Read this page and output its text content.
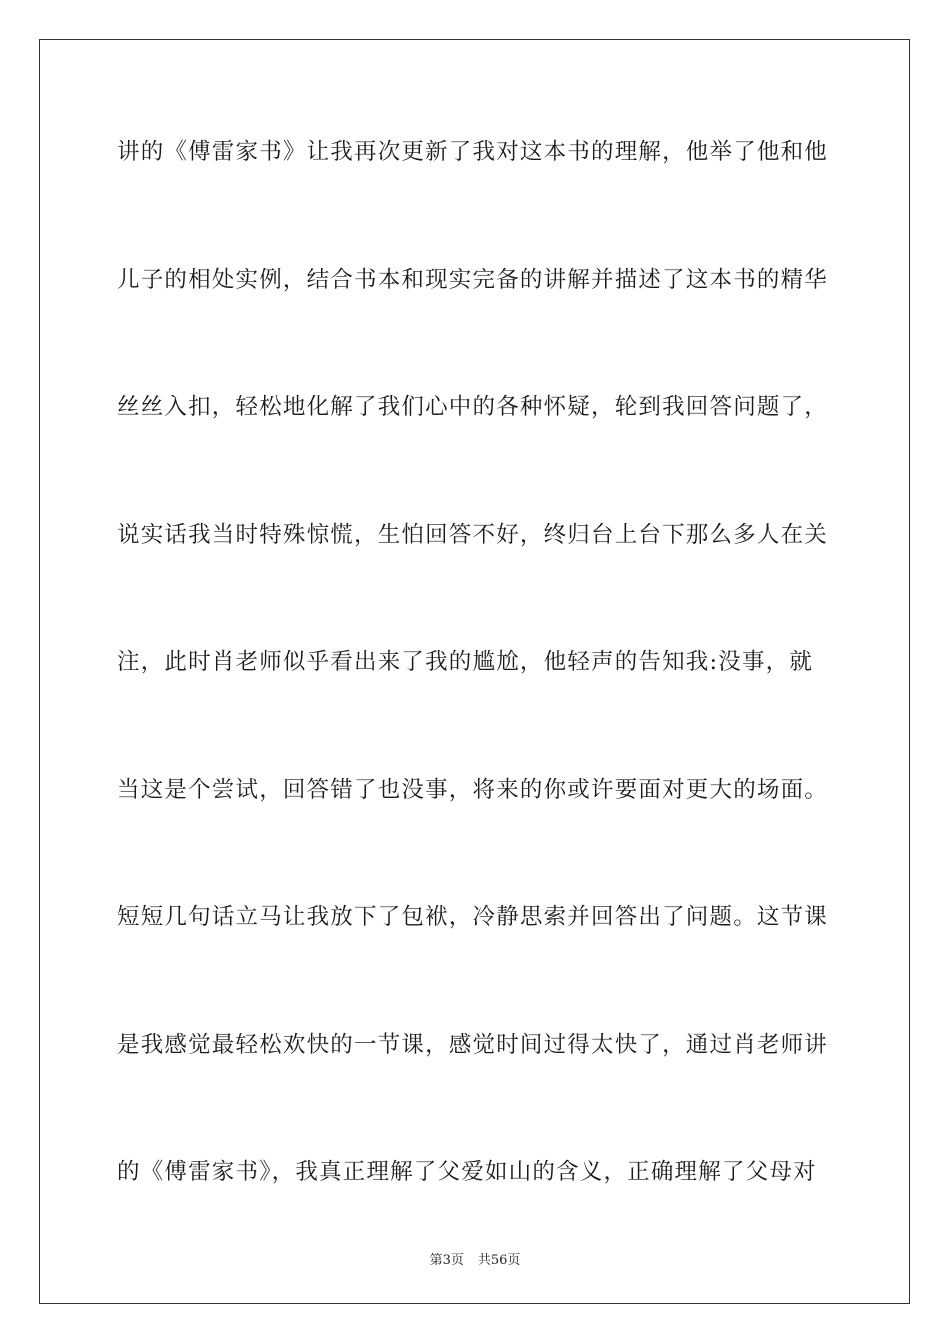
讲的《傅雷家书》让我再次更新了我对这本书的理解，他举了他和他
儿子的相处实例，结合书本和现实完备的讲解并描述了这本书的精华
丝丝入扣，轻松地化解了我们心中的各种怀疑，轮到我回答问题了，
说实话我当时特殊惊慌，生怕回答不好，终归台上台下那么多人在关
注，此时肖老师似乎看出来了我的尴尬，他轻声的告知我:没事，就
当这是个尝试，回答错了也没事，将来的你或许要面对更大的场面。
短短几句话立马让我放下了包袱，冷静思索并回答出了问题。这节课
是我感觉最轻松欢快的一节课，感觉时间过得太快了，通过肖老师讲
的《傅雷家书》，我真正理解了父爱如山的含义，正确理解了父母对
第3页 共56页
